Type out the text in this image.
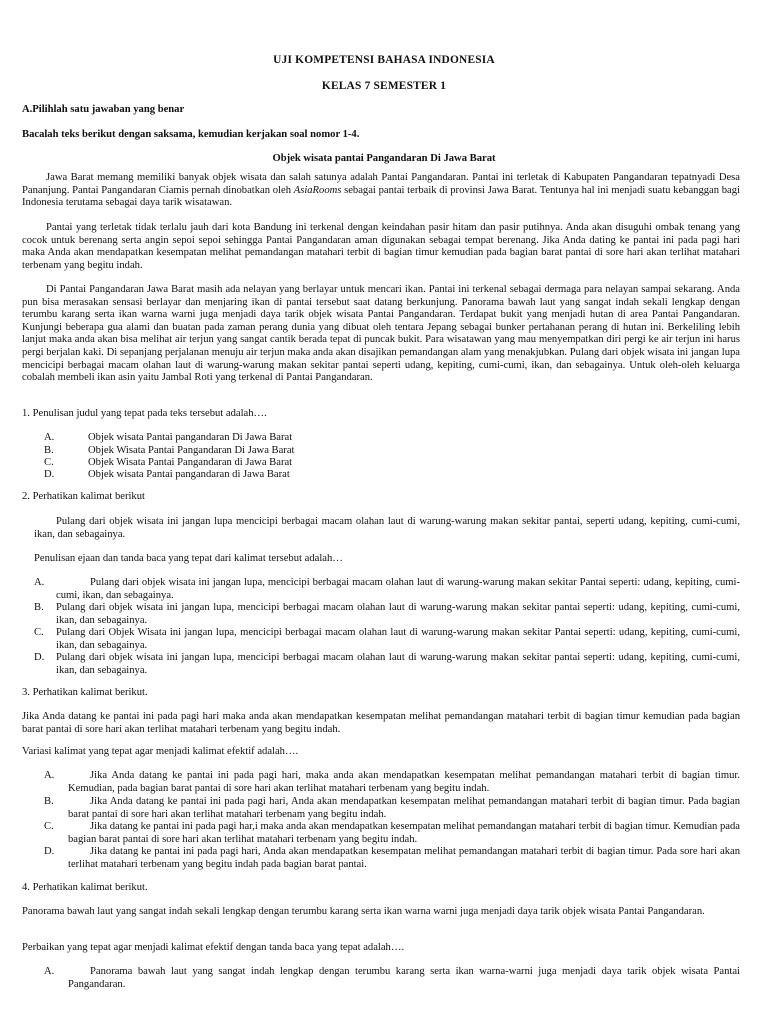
UJI KOMPETENSI BAHASA INDONESIA
KELAS 7 SEMESTER 1
A.Pilihlah satu jawaban yang benar
Bacalah teks berikut dengan saksama, kemudian kerjakan soal nomor 1-4.
Objek wisata pantai Pangandaran Di Jawa Barat
Jawa Barat memang memiliki banyak objek wisata dan salah satunya adalah Pantai Pangandaran. Pantai ini terletak di Kabupaten Pangandaran tepatnyadi Desa Pananjung. Pantai Pangandaran Ciamis pernah dinobatkan oleh AsiaRooms sebagai pantai terbaik di provinsi Jawa Barat. Tentunya hal ini menjadi suatu kebanggan bagi Indonesia terutama sebagai daya tarik wisatawan.
Pantai yang terletak tidak terlalu jauh dari kota Bandung ini terkenal dengan keindahan pasir hitam dan pasir putihnya. Anda akan disuguhi ombak tenang yang cocok untuk berenang serta angin sepoi sepoi sehingga Pantai Pangandaran aman digunakan sebagai tempat berenang. Jika Anda dating ke pantai ini pada pagi hari maka Anda akan mendapatkan kesempatan melihat pemandangan matahari terbit di bagian timur kemudian pada bagian barat pantai di sore hari akan terlihat matahari terbenam yang begitu indah.
Di Pantai Pangandaran Jawa Barat masih ada nelayan yang berlayar untuk mencari ikan. Pantai ini terkenal sebagai dermaga para nelayan sampai sekarang. Anda pun bisa merasakan sensasi berlayar dan menjaring ikan di pantai tersebut saat datang berkunjung. Panorama bawah laut yang sangat indah sekali lengkap dengan terumbu karang serta ikan warna warni juga menjadi daya tarik objek wisata Pantai Pangandaran. Terdapat bukit yang menjadi hutan di area Pantai Pangandaran. Kunjungi beberapa gua alami dan buatan pada zaman perang dunia yang dibuat oleh tentara Jepang sebagai bunker pertahanan perang di hutan ini. Berkeliling lebih lanjut maka anda akan bisa melihat air terjun yang sangat cantik berada tepat di puncak bukit. Para wisatawan yang mau menyempatkan diri pergi ke air terjun ini harus pergi berjalan kaki. Di sepanjang perjalanan menuju air terjun maka anda akan disajikan pemandangan alam yang menakjubkan. Pulang dari objek wisata ini jangan lupa mencicipi berbagai macam olahan laut di warung-warung makan sekitar pantai seperti udang, kepiting, cumi-cumi, ikan, dan sebagainya. Untuk oleh-oleh keluarga cobalah membeli ikan asin yaitu Jambal Roti yang terkenal di Pantai Pangandaran.
1. Penulisan judul yang tepat pada teks tersebut adalah….
A.	Objek wisata Pantai pangandaran Di Jawa Barat
B.	Objek Wisata Pantai Pangandaran Di Jawa Barat
C.	Objek Wisata Pantai Pangandaran di Jawa Barat
D.	Objek wisata Pantai pangandaran di Jawa Barat
2. Perhatikan kalimat berikut
Pulang dari objek wisata ini jangan lupa mencicipi berbagai macam olahan laut di warung-warung makan sekitar pantai, seperti udang, kepiting, cumi-cumi, ikan, dan sebagainya.
Penulisan ejaan dan tanda baca yang tepat dari kalimat tersebut adalah…
A.	Pulang dari objek wisata ini jangan lupa, mencicipi berbagai macam olahan laut di warung-warung makan sekitar Pantai seperti: udang, kepiting, cumi-cumi, ikan, dan sebagainya.
B. Pulang dari objek wisata ini jangan lupa, mencicipi berbagai macam olahan laut di warung-warung makan sekitar pantai seperti: udang, kepiting, cumi-cumi, ikan, dan sebagainya.
C. Pulang dari Objek Wisata ini jangan lupa, mencicipi berbagai macam olahan laut di warung-warung makan sekitar Pantai seperti: udang, kepiting, cumi-cumi, ikan, dan sebagainya.
D. Pulang dari objek wisata ini jangan lupa, mencicipi berbagai macam olahan laut di warung-warung makan sekitar pantai seperti: udang, kepiting, cumi-cumi, ikan, dan sebagainya.
3. Perhatikan kalimat berikut.
Jika Anda datang ke pantai ini pada pagi hari maka anda akan mendapatkan kesempatan melihat pemandangan matahari terbit di bagian timur kemudian pada bagian barat pantai di sore hari akan terlihat matahari terbenam yang begitu indah.
Variasi kalimat yang tepat agar menjadi kalimat efektif adalah….
A.	Jika Anda datang ke pantai ini pada pagi hari, maka anda akan mendapatkan kesempatan melihat pemandangan matahari terbit di bagian timur. Kemudian, pada bagian barat pantai di sore hari akan terlihat matahari terbenam yang begitu indah.
B.	Jika Anda datang ke pantai ini pada pagi hari, Anda akan mendapatkan kesempatan melihat pemandangan matahari terbit di bagian timur. Pada bagian barat pantai di sore hari akan terlihat matahari terbenam yang begitu indah.
C.	Jika datang ke pantai ini pada pagi har,i maka anda akan mendapatkan kesempatan melihat pemandangan matahari terbit di bagian timur. Kemudian pada bagian barat pantai di sore hari akan terlihat matahari terbenam yang begitu indah.
D.	Jika datang ke pantai ini pada pagi hari, Anda akan mendapatkan kesempatan melihat pemandangan matahari terbit di bagian timur. Pada sore hari akan terlihat matahari terbenam yang begitu indah pada bagian barat pantai.
4. Perhatikan kalimat berikut.
Panorama bawah laut yang sangat indah sekali lengkap dengan terumbu karang serta ikan warna warni juga menjadi daya tarik objek wisata Pantai Pangandaran.
Perbaikan yang tepat agar menjadi kalimat efektif dengan tanda baca yang tepat adalah….
A.	Panorama bawah laut yang sangat indah lengkap dengan terumbu karang serta ikan warna-warni juga menjadi daya tarik objek wisata Pantai Pangandaran.
